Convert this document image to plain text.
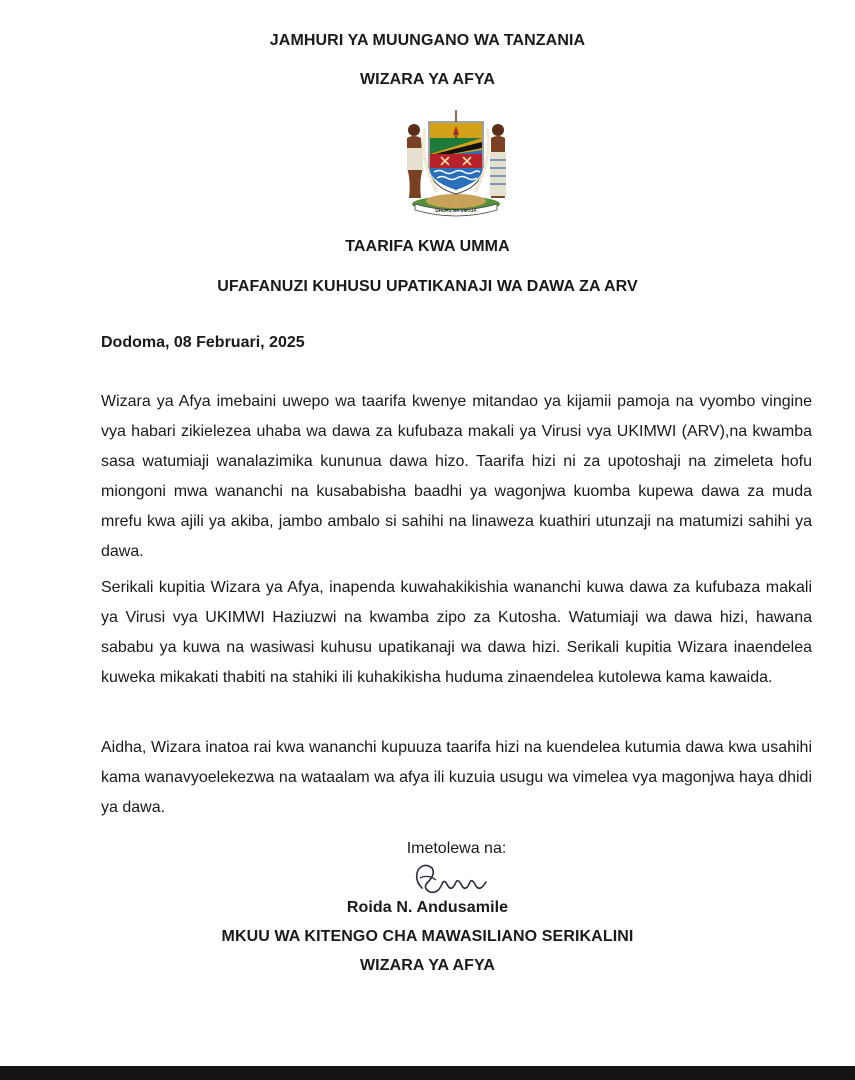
JAMHURI YA MUUNGANO WA TANZANIA
WIZARA YA AFYA
UHURU NA UMOJA
TAARIFA KWA UMMA
UFAFANUZI KUHUSU UPATIKANAJI WA DAWA ZA ARV
Dodoma, 08 Februari, 2025

Wizara ya Afya imebaini uwepo wa taarifa kwenye mitandao ya kijamii pamoja na vyombo vingine vya habari zikielezea uhaba wa dawa za kufubaza makali ya Virusi vya UKIMWI (ARV),na kwamba sasa watumiaji wanalazimika kununua dawa hizo. Taarifa hizi ni za upotoshaji na zimeleta hofu miongoni mwa wananchi na kusababisha baadhi ya wagonjwa kuomba kupewa dawa za muda mrefu kwa ajili ya akiba, jambo ambalo si sahihi na linaweza kuathiri utunzaji na matumizi sahihi ya dawa.

Serikali kupitia Wizara ya Afya, inapenda kuwahakikishia wananchi kuwa dawa za kufubaza makali ya Virusi vya UKIMWI Haziuzwi na kwamba zipo za Kutosha. Watumiaji wa dawa hizi, hawana sababu ya kuwa na wasiwasi kuhusu upatikanaji wa dawa hizi. Serikali kupitia Wizara inaendelea kuweka mikakati thabiti na stahiki ili kuhakikisha huduma zinaendelea kutolewa kama kawaida.

Aidha, Wizara inatoa rai kwa wananchi kupuuza taarifa hizi na kuendelea kutumia dawa kwa usahihi kama wanavyoelekezwa na wataalam wa afya ili kuzuia usugu wa vimelea vya magonjwa haya dhidi ya dawa.

Imetolewa na:
Roida N. Andusamile
MKUU WA KITENGO CHA MAWASILIANO SERIKALINI
WIZARA YA AFYA
